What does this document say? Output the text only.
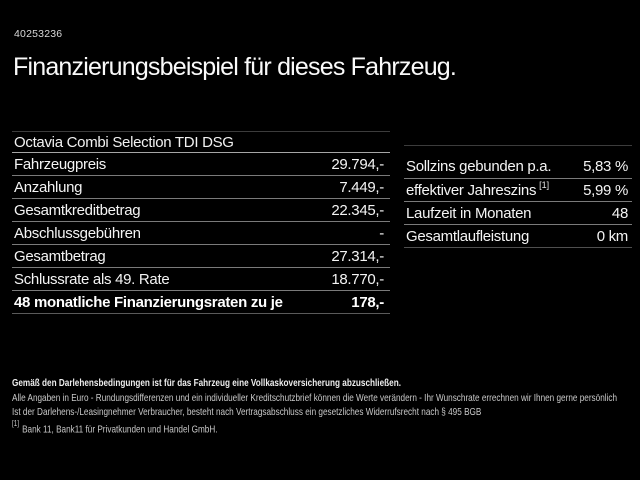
40253236
Finanzierungsbeispiel für dieses Fahrzeug.
Octavia Combi Selection TDI DSG
Fahrzeugpreis	29.794,-
Anzahlung	7.449,-
Gesamtkreditbetrag	22.345,-
Abschlussgebühren	-
Gesamtbetrag	27.314,-
Schlussrate als 49. Rate	18.770,-
48 monatliche Finanzierungsraten zu je	178,-
Sollzins gebunden p.a. 5,83 %
effektiver Jahreszins [1] 5,99 %
Laufzeit in Monaten	48
Gesamtlaufleistung	0 km
Gemäß den Darlehensbedingungen ist für das Fahrzeug eine Vollkaskoversicherung abzuschließen.
Alle Angaben in Euro - Rundungsdifferenzen und ein individueller Kreditschutzbrief können die Werte verändern - Ihr Wunschrate errechnen wir Ihnen gerne persönlich
Ist der Darlehens-/Leasingnehmer Verbraucher, besteht nach Vertragsabschluss ein gesetzliches Widerrufsrecht nach § 495 BGB
[1] Bank 11, Bank11 für Privatkunden und Handel GmbH.
